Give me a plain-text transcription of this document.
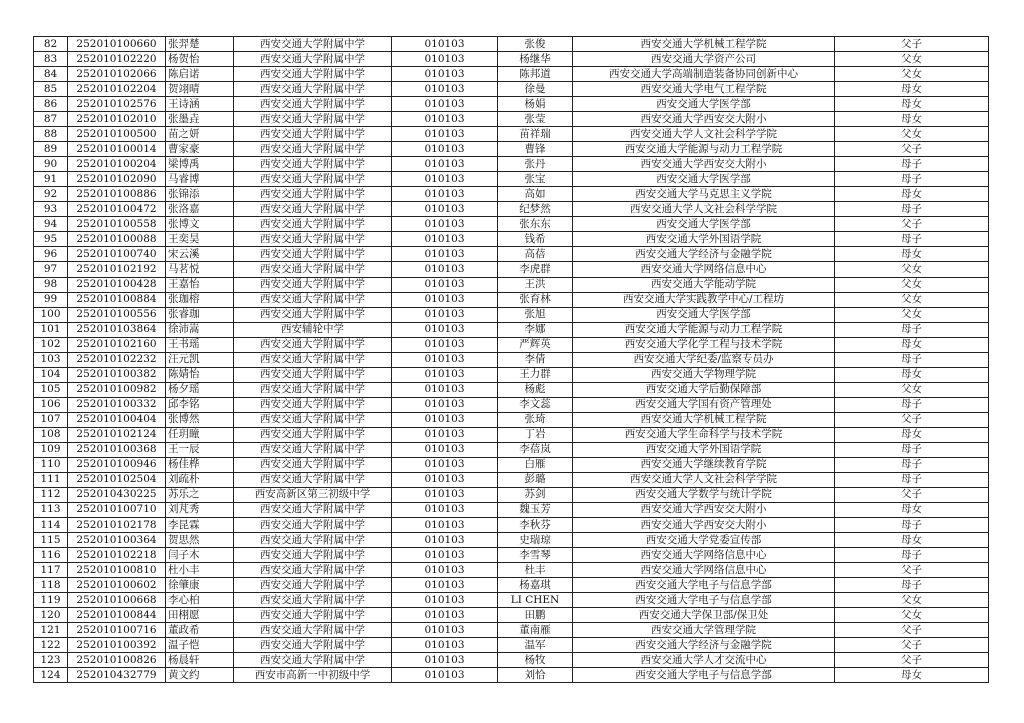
82	252010100660	张羿楚	西安交通大学附属中学	010103	张俊	西安交通大学机械工程学院	父子
83	252010102220	杨贺怡	西安交通大学附属中学	010103	杨继华	西安交通大学资产公司	父女
84	252010102066	陈启诺	西安交通大学附属中学	010103	陈邦道	西安交通大学高端制造装备协同创新中心	父女
85	252010102204	贺翊晴	西安交通大学附属中学	010103	徐曼	西安交通大学电气工程学院	母女
86	252010102576	王诗涵	西安交通大学附属中学	010103	杨娟	西安交通大学医学部	母女
87	252010102010	张墨垚	西安交通大学附属中学	010103	张莹	西安交通大学西安交大附小	母女
88	252010100500	苗之妍	西安交通大学附属中学	010103	苗祥瑞	西安交通大学人文社会科学学院	父女
89	252010100014	曹家豪	西安交通大学附属中学	010103	曹锋	西安交通大学能源与动力工程学院	父子
90	252010100204	梁博禹	西安交通大学附属中学	010103	张丹	西安交通大学西安交大附小	母子
91	252010102090	马睿博	西安交通大学附属中学	010103	张宝	西安交通大学医学部	母子
92	252010100886	张锦添	西安交通大学附属中学	010103	高如	西安交通大学马克思主义学院	母女
93	252010100472	张洛嘉	西安交通大学附属中学	010103	纪梦然	西安交通大学人文社会科学学院	母子
94	252010100558	张博文	西安交通大学附属中学	010103	张东东	西安交通大学医学部	父子
95	252010100088	王奕昊	西安交通大学附属中学	010103	钱希	西安交通大学外国语学院	母子
96	252010100740	宋云溪	西安交通大学附属中学	010103	高蓓	西安交通大学经济与金融学院	母女
97	252010102192	马茗悦	西安交通大学附属中学	010103	李虎群	西安交通大学网络信息中心	父女
98	252010100428	王嘉怡	西安交通大学附属中学	010103	王洪	西安交通大学能动学院	父女
99	252010100884	张珈榕	西安交通大学附属中学	010103	张育林	西安交通大学实践教学中心/工程坊	父女
100	252010100556	张睿珈	西安交通大学附属中学	010103	张旭	西安交通大学医学部	父女
101	252010103864	徐沛嵩	西安辅轮中学	010103	李娜	西安交通大学能源与动力工程学院	母子
102	252010102160	王书瑶	西安交通大学附属中学	010103	严辉英	西安交通大学化学工程与技术学院	母女
103	252010102232	汪元凯	西安交通大学附属中学	010103	李倩	西安交通大学纪委/监察专员办	母子
104	252010100382	陈婧怡	西安交通大学附属中学	010103	王力群	西安交通大学物理学院	母女
105	252010100982	杨夕瑶	西安交通大学附属中学	010103	杨彪	西安交通大学后勤保障部	父女
106	252010100332	邱李铭	西安交通大学附属中学	010103	李文蕊	西安交通大学国有资产管理处	母子
107	252010100404	张博然	西安交通大学附属中学	010103	张琦	西安交通大学机械工程学院	父子
108	252010102124	任玥瞳	西安交通大学附属中学	010103	丁岩	西安交通大学生命科学与技术学院	母女
109	252010100368	王一辰	西安交通大学附属中学	010103	李蓓岚	西安交通大学外国语学院	母子
110	252010100946	杨佳桦	西安交通大学附属中学	010103	白雁	西安交通大学继续教育学院	母子
111	252010102504	刘疏朴	西安交通大学附属中学	010103	彭璐	西安交通大学人文社会科学学院	母子
112	252010430225	苏乐之	西安高新区第三初级中学	010103	苏剑	西安交通大学数学与统计学院	父子
113	252010100710	刘芃秀	西安交通大学附属中学	010103	魏玉芳	西安交通大学西安交大附小	母女
114	252010102178	李昆霖	西安交通大学附属中学	010103	李秋芬	西安交通大学西安交大附小	母子
115	252010100364	贺思然	西安交通大学附属中学	010103	史瑞琼	西安交通大学党委宣传部	母女
116	252010102218	闫子木	西安交通大学附属中学	010103	李雪琴	西安交通大学网络信息中心	母子
117	252010100810	杜小丰	西安交通大学附属中学	010103	杜丰	西安交通大学网络信息中心	父子
118	252010100602	徐肇康	西安交通大学附属中学	010103	杨嘉琪	西安交通大学电子与信息学部	母子
119	252010100668	李心柏	西安交通大学附属中学	010103	LI CHEN	西安交通大学电子与信息学部	父女
120	252010100844	田栩愿	西安交通大学附属中学	010103	田鹏	西安交通大学保卫部/保卫处	父女
121	252010100716	董政希	西安交通大学附属中学	010103	董南雁	西安交通大学管理学院	父子
122	252010100392	温子恺	西安交通大学附属中学	010103	温军	西安交通大学经济与金融学院	父子
123	252010100826	杨晨轩	西安交通大学附属中学	010103	杨牧	西安交通大学人才交流中心	父子
124	252010432779	黄文约	西安市高新一中初级中学	010103	刘恰	西安交通大学电子与信息学部	母女
